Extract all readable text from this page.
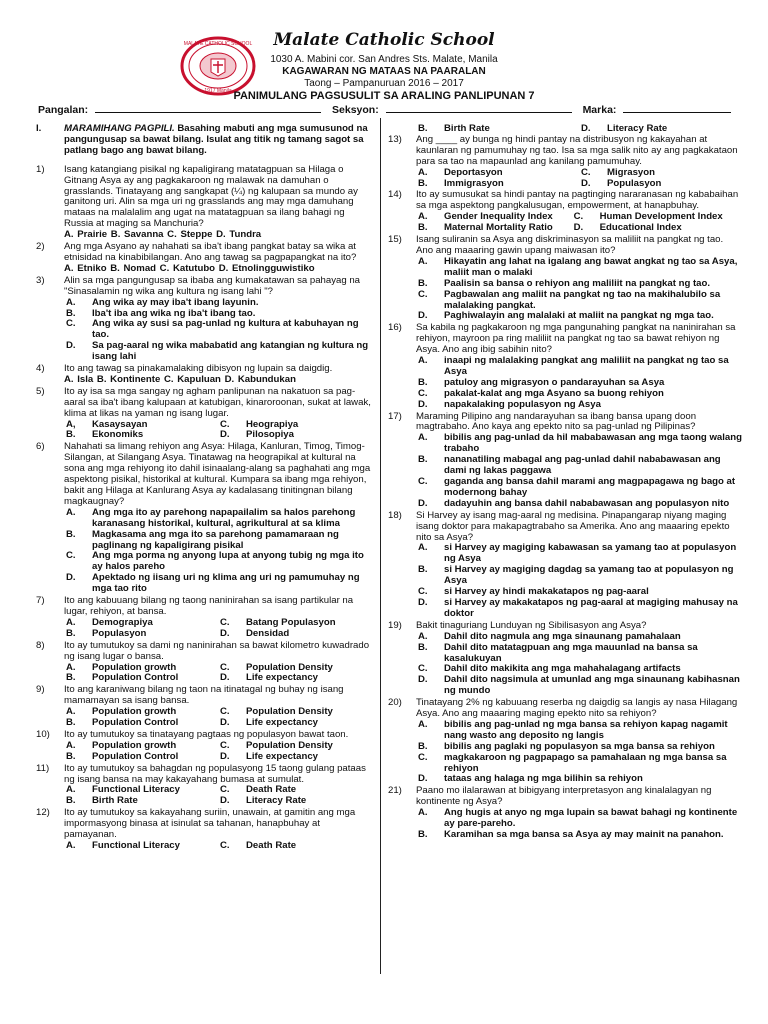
MALATE CATHOLIC SCHOOL
1917 Manila
Malate Catholic School
1030 A. Mabini cor. San Andres Sts. Malate, Manila
KAGAWARAN NG MATAAS NA PAARALAN
Taong – Pampanuruan 2016 – 2017
PANIMULANG PAGSUSULIT SA ARALING PANLIPUNAN 7
Pangalan:	Seksyon:	Marka:
I.	MARAMIHANG PAGPILI. Basahing mabuti ang mga sumusunod na pangungusap sa bawat bilang. Isulat ang titik ng tamang sagot sa patlang bago ang bawat bilang.
1)	Isang katangiang pisikal ng kapaligirang matatagpuan sa Hilaga o Gitnang Asya ay ang pagkakaroon ng malawak na damuhan o grasslands. Tinatayang ang sangkapat (¼) ng kalupaan sa mundo ay ganitong uri. Alin sa mga uri ng grasslands ang may mga damuhang mataas na malalalim ang ugat na matatagpuan sa ilang bahagi ng Russia at maging sa Manchuria?
A. Prairie B. Savanna C. Steppe D. Tundra
2)	Ang mga Asyano ay nahahati sa iba't ibang pangkat batay sa wika at etnisidad na kinabibilangan. Ano ang tawag sa pagpapangkat na ito?
A. Etniko B. Nomad C. Katutubo D. Etnolingguwistiko
3)	Alin sa mga pangungusap sa ibaba ang kumakatawan sa pahayag na "Sinasalamin ng wika ang kultura ng isang lahi "?
A.	Ang wika ay may iba't ibang layunin.
B.	Iba't iba ang wika ng iba't ibang tao.
C.	Ang wika ay susi sa pag-unlad ng kultura at kabuhayan ng tao.
D.	Sa pag-aaral ng wika mababatid ang katangian ng kultura ng isang lahi
4)	Ito ang tawag sa pinakamalaking dibisyon ng lupain sa daigdig.
A. Isla B. Kontinente C. Kapuluan D. Kabundukan
5)	Ito ay isa sa mga sangay ng agham panlipunan na nakatuon sa pag-aaral sa iba't ibang kalupaan at katubigan, kinaroroonan, sukat at lawak, klima at likas na yaman ng isang lugar.
A,	Kasaysayan	C.	Heograpiya
B.	Ekonomiks	D.	Pilosopiya
6)	Nahahati sa limang rehiyon ang Asya: Hilaga, Kanluran, Timog, Timog- Silangan, at Silangang Asya. Tinatawag na heograpikal at kultural na sona ang mga rehiyong ito dahil isinaalang-alang sa paghahati ang mga aspektong pisikal, historikal at kultural. Kumpara sa ibang mga rehiyon, bakit ang Hilaga at Kanlurang Asya ay kadalasang tinitingnan bilang magkaugnay?
A.	Ang mga ito ay parehong napapailalim sa halos parehong karanasang historikal, kultural, agrikultural at sa klima
B.	Magkasama ang mga ito sa parehong pamamaraan ng paglinang ng kapaligirang pisikal
C.	Ang mga porma ng anyong lupa at anyong tubig ng mga ito ay halos pareho
D.	Apektado ng iisang uri ng klima ang uri ng pamumuhay ng mga tao rito
7)	Ito ang kabuuang bilang ng taong naninirahan sa isang partikular na lugar, rehiyon, at bansa.
A.	Demograpiya	C.	Batang Populasyon
B.	Populasyon	D.	Densidad
8)	Ito ay tumutukoy sa dami ng naninirahan sa bawat kilometro kuwadrado ng isang lugar o bansa.
A.	Population growth	C.	Population Density
B.	Population Control	D.	Life expectancy
9)	Ito ang karaniwang bilang ng taon na itinatagal ng buhay ng isang mamamayan sa isang bansa.
A.	Population growth	C.	Population Density
B.	Population Control	D.	Life expectancy
10)	Ito ay tumutukoy sa tinatayang pagtaas ng populasyon bawat taon.
A.	Population growth	C.	Population Density
B.	Population Control	D.	Life expectancy
11)	Ito ay tumutukoy sa bahagdan ng populasyong 15 taong gulang pataas ng isang bansa na may kakayahang bumasa at sumulat.
A.	Functional Literacy	C.	Death Rate
B.	Birth Rate	D.	Literacy Rate
12)	Ito ay tumutukoy sa kakayahang suriin, unawain, at gamitin ang mga impormasyong binasa at isinulat sa tahanan, hanapbuhay at pamayanan.
A.	Functional Literacy	C.	Death Rate
B.	Birth Rate	D.	Literacy Rate
13)	Ang ____ ay bunga ng hindi pantay na distribusyon ng kakayahan at kaunlaran ng pamumuhay ng tao. Isa sa mga salik nito ay ang pagkakataon para sa tao na mapaunlad ang kanilang pamumuhay.
A.	Deportasyon	C.	Migrasyon
B.	Immigrasyon	D.	Populasyon
14)	Ito ay sumusukat sa hindi pantay na pagtinging nararanasan ng kababaihan sa mga aspektong pangkalusugan, empowerment, at hanapbuhay.
A.	Gender Inequality Index	C.	Human Development Index
B.	Maternal Mortality Ratio	D.	Educational Index
15)	Isang suliranin sa Asya ang diskriminasyon sa maliliit na pangkat ng tao. Ano ang maaaring gawin upang maiwasan ito?
A.	Hikayatin ang lahat na igalang ang bawat angkat ng tao sa Asya, maliit man o malaki
B.	Paalisin sa bansa o rehiyon ang maliliit na pangkat ng tao.
C.	Pagbawalan ang maliit na pangkat ng tao na makihalubilo sa malalaking pangkat.
D.	Paghiwalayin ang malalaki at maliit na pangkat ng mga tao.
16)	Sa kabila ng pagkakaroon ng mga pangunahing pangkat na naninirahan sa rehiyon, mayroon pa ring maliliit na pangkat ng tao sa bawat rehiyon ng Asya. Ano ang ibig sabihin nito?
A.	inaapi ng malalaking pangkat ang maliliit na pangkat ng tao sa Asya
B.	patuloy ang migrasyon o pandarayuhan sa Asya
C.	pakalat-kalat ang mga Asyano sa buong rehiyon
D.	napakalaking populasyon ng Asya
17)	Maraming Pilipino ang nandarayuhan sa ibang bansa upang doon magtrabaho. Ano kaya ang epekto nito sa pag-unlad ng Pilipinas?
A.	bibilis ang pag-unlad da hil mababawasan ang mga taong walang trabaho
B.	nananatiling mabagal ang pag-unlad dahil nababawasan ang dami ng lakas paggawa
C.	gaganda ang bansa dahil marami ang magpapagawa ng bago at modernong bahay
D.	dadayuhin ang bansa dahil nababawasan ang populasyon nito
18)	Si Harvey ay isang mag-aaral ng medisina. Pinapangarap niyang maging isang doktor para makapagtrabaho sa Amerika. Ano ang maaaring epekto nito sa Asya?
A.	si Harvey ay magiging kabawasan sa yamang tao at populasyon ng Asya
B.	si Harvey ay magiging dagdag sa yamang tao at populasyon ng Asya
C.	si Harvey ay hindi makakatapos ng pag-aaral
D.	si Harvey ay makakatapos ng pag-aaral at magiging mahusay na doktor
19)	Bakit tinaguriang Lunduyan ng Sibilisasyon ang Asya?
A.	Dahil dito nagmula ang mga sinaunang pamahalaan
B.	Dahil dito matatagpuan ang mga mauunlad na bansa sa kasalukuyan
C.	Dahil dito makikita ang mga mahahalagang artifacts
D.	Dahil dito nagsimula at umunlad ang mga sinaunang kabihasnan ng mundo
20)	Tinatayang 2% ng kabuuang reserba ng daigdig sa langis ay nasa Hilagang Asya. Ano ang maaaring maging epekto nito sa rehiyon?
A.	bibilis ang pag-unlad ng mga bansa sa rehiyon kapag nagamit nang wasto ang deposito ng langis
B.	bibilis ang paglaki ng populasyon sa mga bansa sa rehiyon
C.	magkakaroon ng pagpapago sa pamahalaan ng mga bansa sa rehiyon
D.	tataas ang halaga ng mga bilihin sa rehiyon
21)	Paano mo ilalarawan at bibigyang interpretasyon ang kinalalagyan ng kontinente ng Asya?
A.	Ang hugis at anyo ng mga lupain sa bawat bahagi ng kontinente ay pare-pareho.
B.	Karamihan sa mga bansa sa Asya ay may mainit na panahon.
